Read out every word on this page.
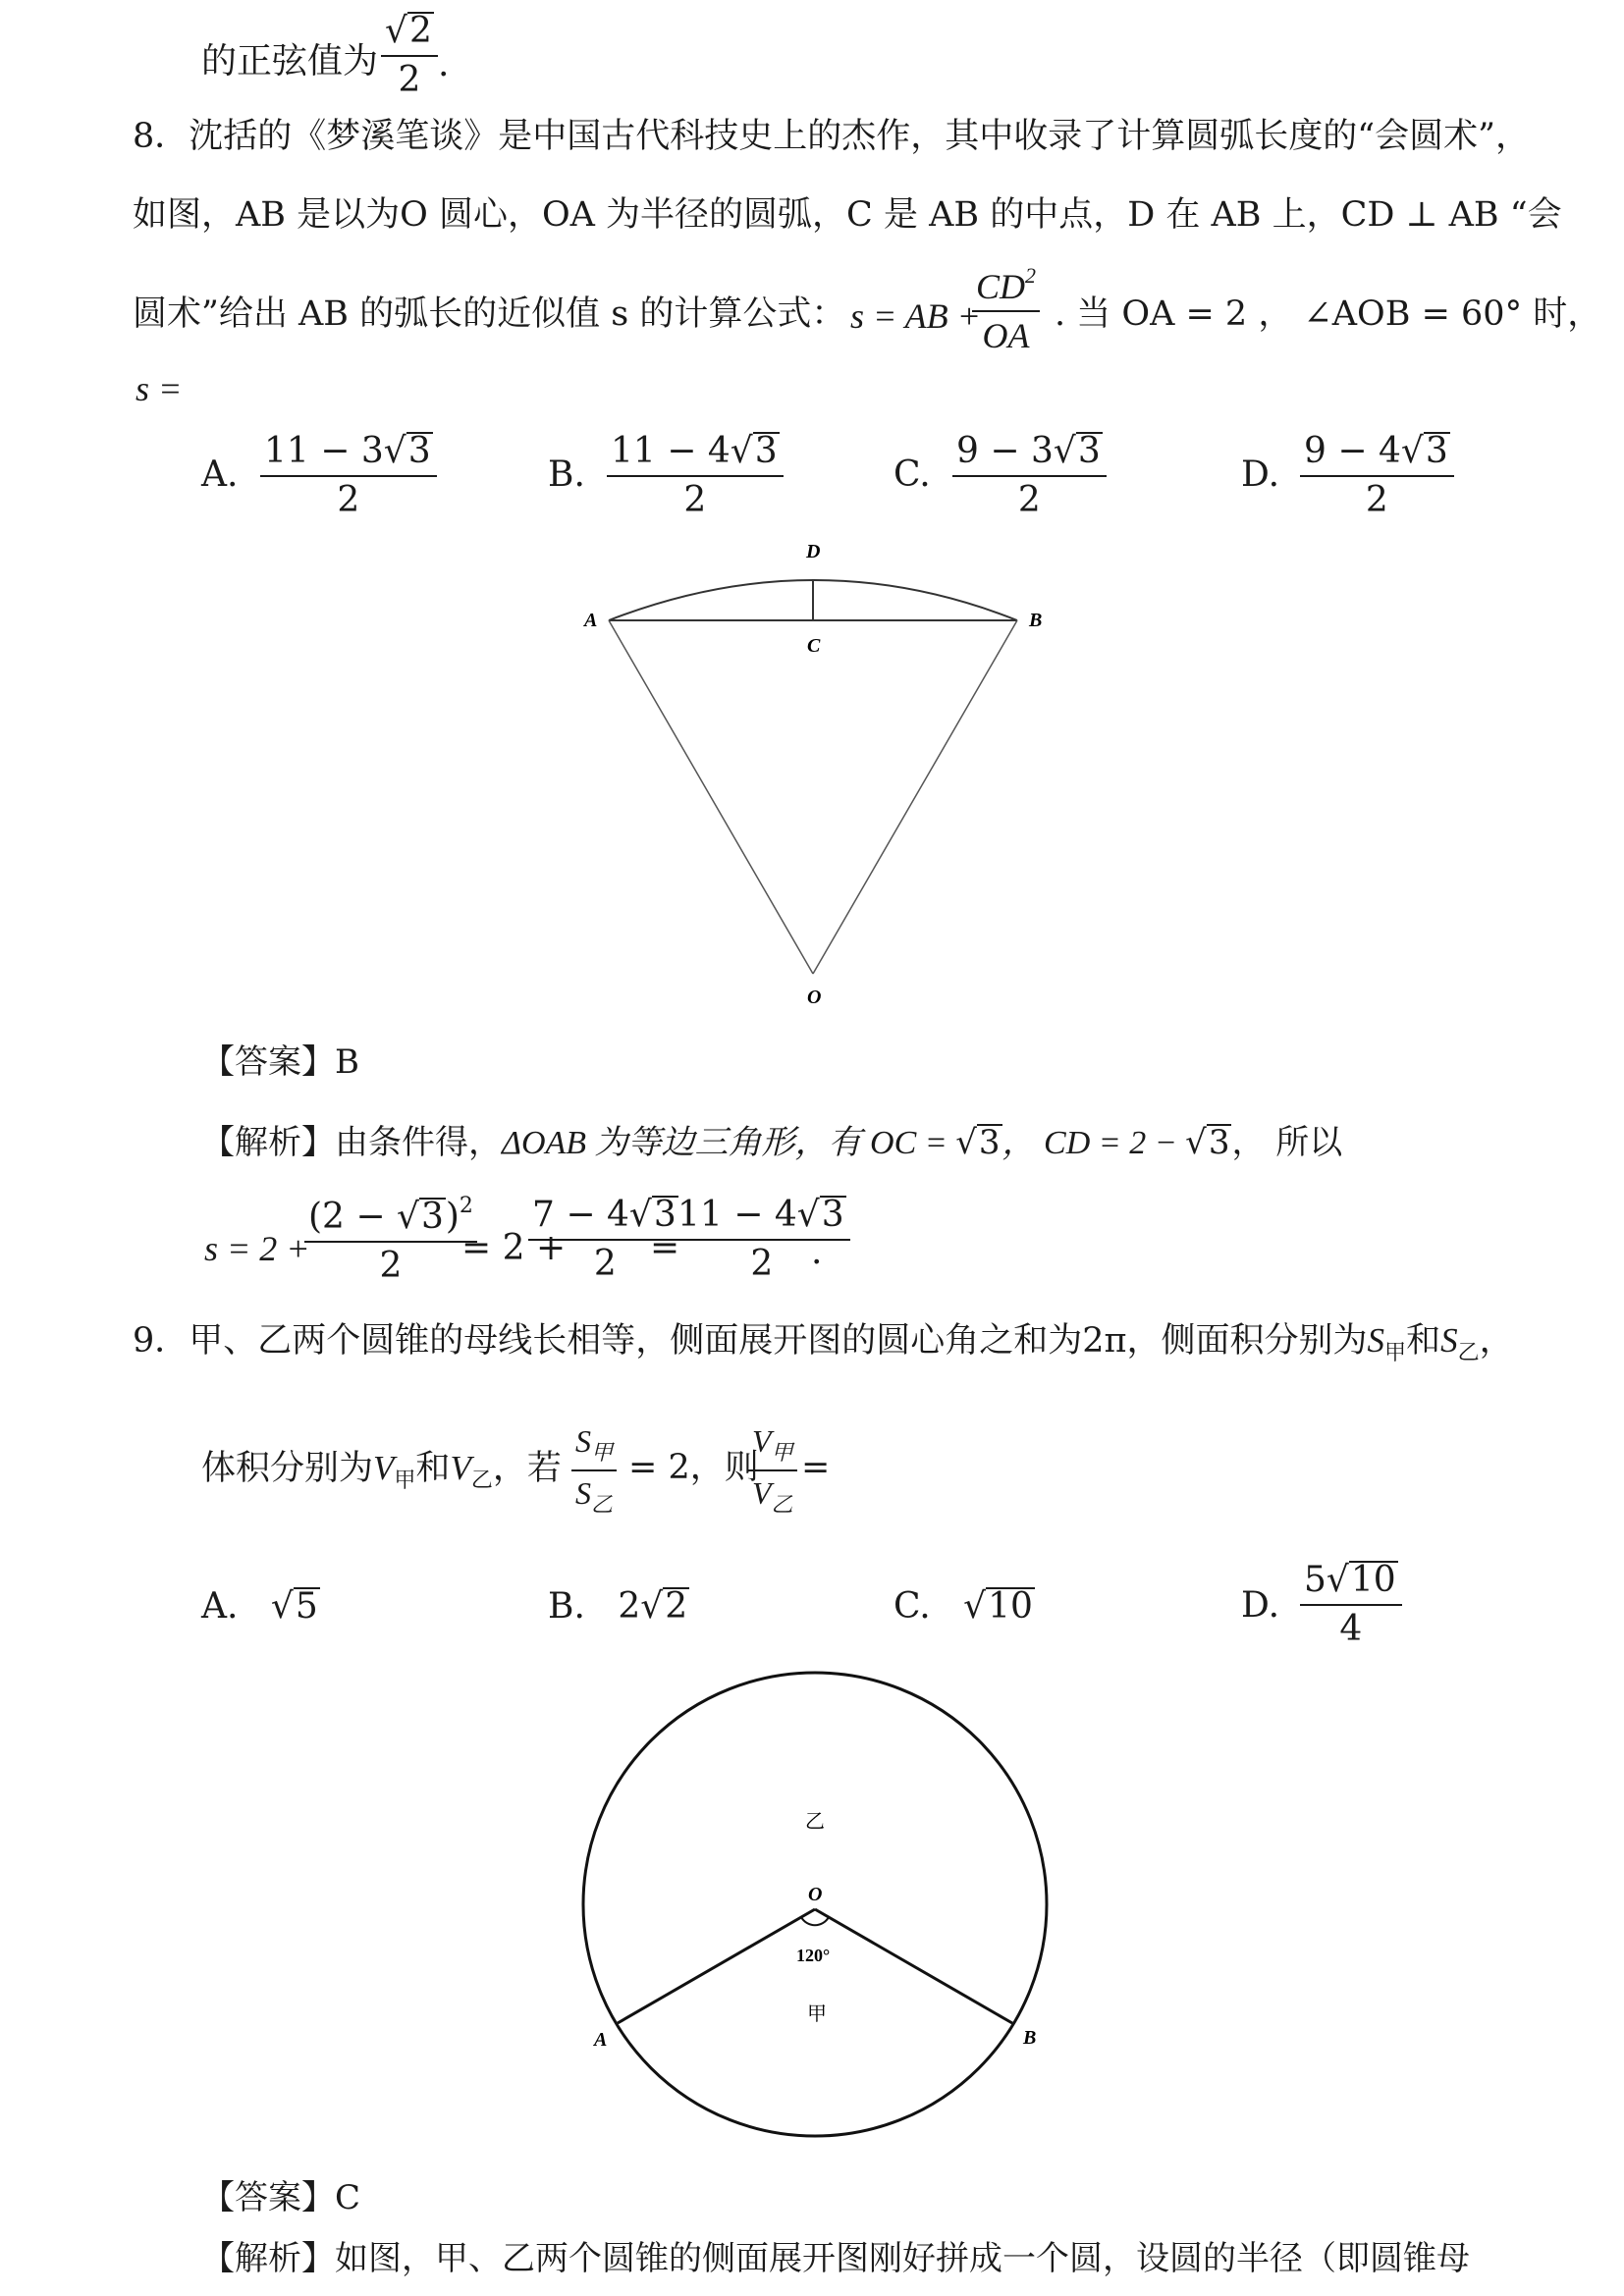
的正弦值为
√2
2 .
8．沈括的《梦溪笔谈》是中国古代科技史上的杰作，其中收录了计算圆弧长度的“会圆术”，
如图，AB 是以为O 圆心，OA 为半径的圆弧，C 是 AB 的中点，D 在 AB 上，CD ⊥ AB “会
圆术”给出 AB 的弧长的近似值 s 的计算公式： s = AB +
$CD^2$
OA
. 当 OA = 2 ， ∠AOB = 60° 时，
s =
A.
11 − 3√3
2
B.
11 − 4√3
2
C.
9 − 3√3
2
D.
9 − 4√3
2
D
A
C
B
O
【答案】B
【解析】由条件得，ΔOAB 为等边三角形，有 OC = √3， CD = 2 − √3， 所以
s = 2 +
$(2 - √3)^2$
2 = 2 +
7 − 4√3
2 =
11 − 4√3
2 .
9．甲、乙两个圆锥的母线长相等，侧面展开图的圆心角之和为2π，侧面积分别为$S_甲$和$S_乙$，
体积分别为$V_甲$和$V_乙$，若
$S_甲$
$S_乙$
= 2，则
$V_甲$
$V_乙$
=
A. √5	B. 2√2	C. √10	D.
5√10
4
乙
O
120°
甲
A	B
【答案】C
【解析】如图，甲、乙两个圆锥的侧面展开图刚好拼成一个圆，设圆的半径（即圆锥母
